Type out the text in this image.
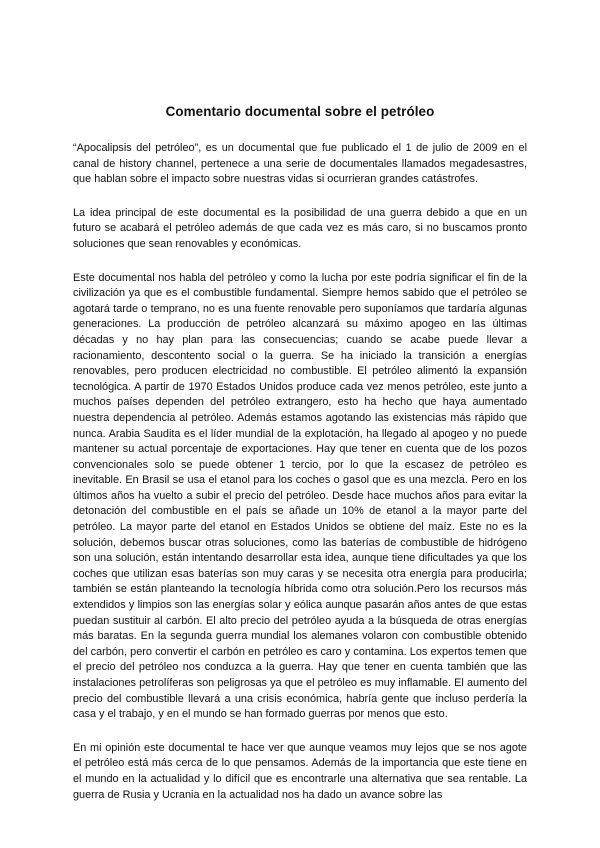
Comentario documental sobre el petróleo

“Apocalipsis del petróleo”, es un documental que fue publicado el 1 de julio de 2009 en el canal de history channel, pertenece a una serie de documentales llamados megadesastres, que hablan sobre el impacto sobre nuestras vidas si ocurrieran grandes catástrofes.

La idea principal de este documental es la posibilidad de una guerra debido a que en un futuro se acabará el petróleo además de que cada vez es más caro, si no buscamos pronto soluciones que sean renovables y económicas.

Este documental nos habla del petróleo y como la lucha por este podría significar el fin de la civilización ya que es el combustible fundamental. Siempre hemos sabido que el petróleo se agotará tarde o temprano, no es una fuente renovable pero suponíamos que tardaría algunas generaciones. La producción de petróleo alcanzará su máximo apogeo en las últimas décadas y no hay plan para las consecuencias; cuando se acabe puede llevar a racionamiento, descontento social o la guerra. Se ha iniciado la transición a energías renovables, pero producen electricidad no combustible. El petróleo alimentó la expansión tecnológica. A partir de 1970 Estados Unidos produce cada vez menos petróleo, este junto a muchos países dependen del petróleo extrangero, esto ha hecho que haya aumentado nuestra dependencia al petróleo. Además estamos agotando las existencias más rápido que nunca. Arabia Saudita es el líder mundial de la explotación, ha llegado al apogeo y no puede mantener su actual porcentaje de exportaciones. Hay que tener en cuenta que de los pozos convencionales solo se puede obtener 1 tercio, por lo que la escasez de petróleo es inevitable. En Brasil se usa el etanol para los coches o gasol que es una mezcla. Pero en los últimos años ha vuelto a subir el precio del petróleo. Desde hace muchos años para evitar la detonación del combustible en el país se añade un 10% de etanol a la mayor parte del petróleo. La mayor parte del etanol en Estados Unidos se obtiene del maíz. Este no es la solución, debemos buscar otras soluciones, como las baterías de combustible de hidrógeno son una solución, están intentando desarrollar esta idea, aunque tiene dificultades ya que los coches que utilizan esas baterías son muy caras y se necesita otra energía para producirla; también se están planteando la tecnología híbrida como otra solución.Pero los recursos más extendidos y limpios son las energías solar y eólica aunque pasarán años antes de que estas puedan sustituir al carbón. El alto precio del petróleo ayuda a la búsqueda de otras energías más baratas. En la segunda guerra mundial los alemanes volaron con combustible obtenido del carbón, pero convertir el carbón en petróleo es caro y contamina. Los expertos temen que el precio del petróleo nos conduzca a la guerra. Hay que tener en cuenta también que las instalaciones petrolíferas son peligrosas ya que el petróleo es muy inflamable. El aumento del precio del combustible llevará a una crisis económica, habría gente que incluso perdería la casa y el trabajo, y en el mundo se han formado guerras por menos que esto.

En mi opinión este documental te hace ver que aunque veamos muy lejos que se nos agote el petróleo está más cerca de lo que pensamos. Además de la importancia que este tiene en el mundo en la actualidad y lo difícil que es encontrarle una alternativa que sea rentable. La guerra de Rusia y Ucrania en la actualidad nos ha dado un avance sobre las
